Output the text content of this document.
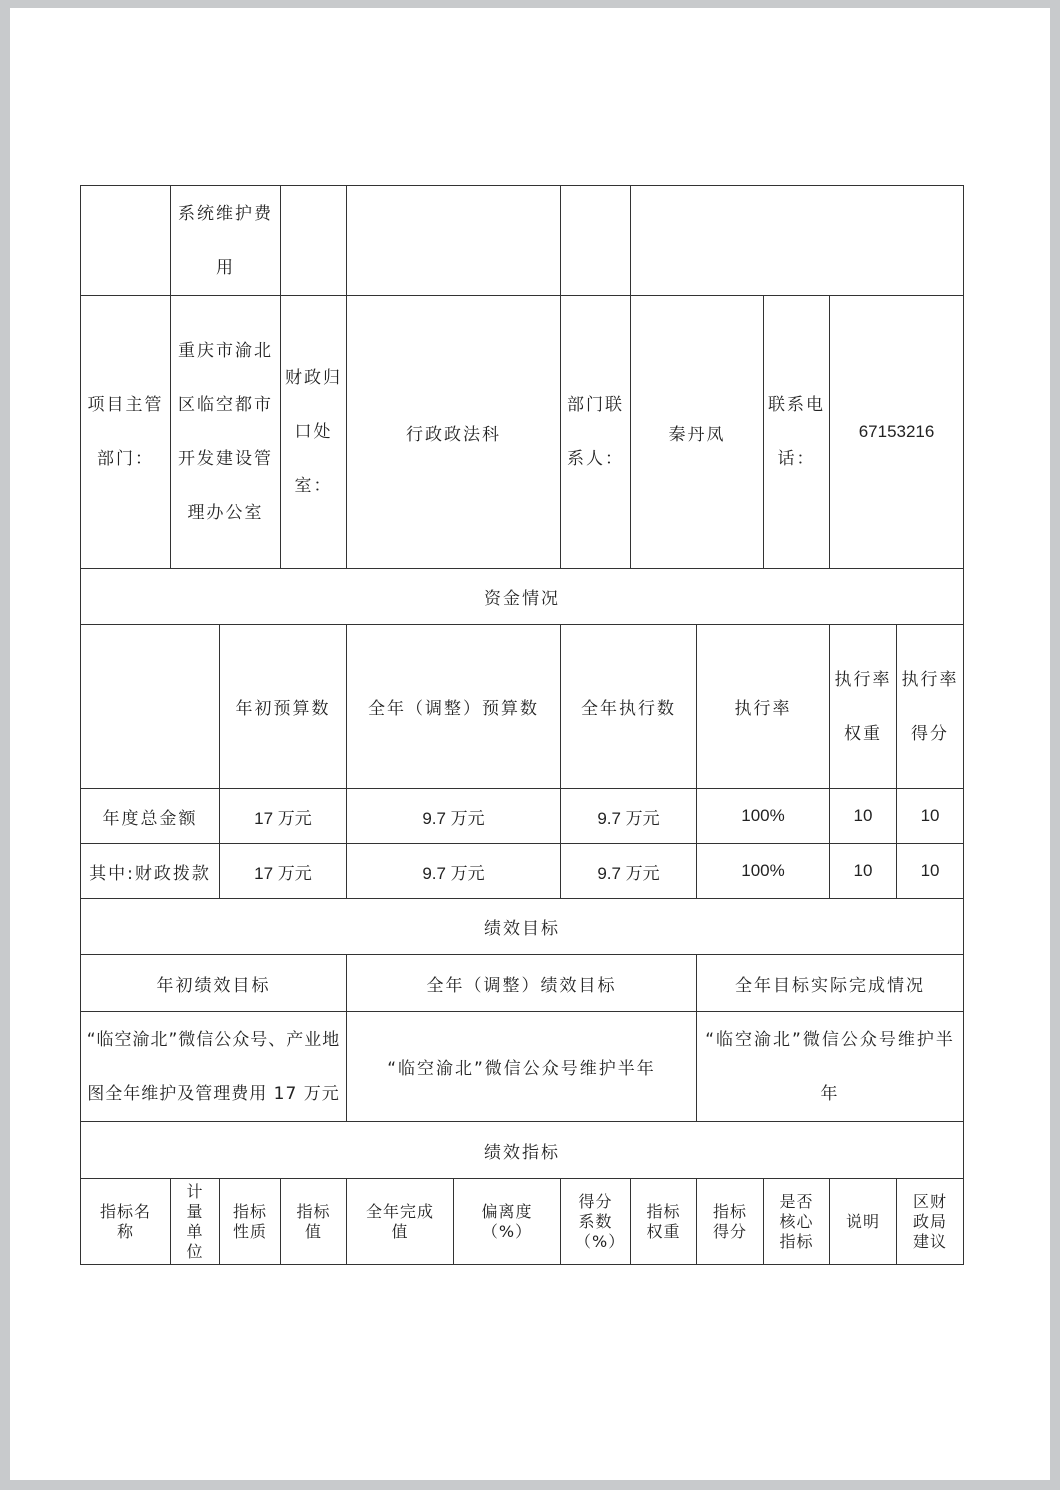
	系统维护费用										
项目主管部门：	重庆市渝北区临空都市开发建设管理办公室		财政归口处室：	行政政法科		部门联系人：	秦丹凤		联系电话：	67153216	
资金情况											
		年初预算数		全年（调整）预算数		全年执行数		执行率		执行率权重	执行率得分
年度总金额		17 万元		9.7 万元		9.7 万元		100%		10	10
其中:财政拨款		17 万元		9.7 万元		9.7 万元		100%		10	10
绩效目标											
年初绩效目标				全年（调整）绩效目标				全年目标实际完成情况			
“临空渝北”微信公众号、产业地图全年维护及管理费用 17 万元				“临空渝北”微信公众号维护半年				“临空渝北”微信公众号维护半年			
绩效指标											
指标名称	计量单位	指标性质	指标值	全年完成值	偏离度（%）	得分系数（%）	指标权重	指标得分	是否核心指标	说明	区财政局建议
